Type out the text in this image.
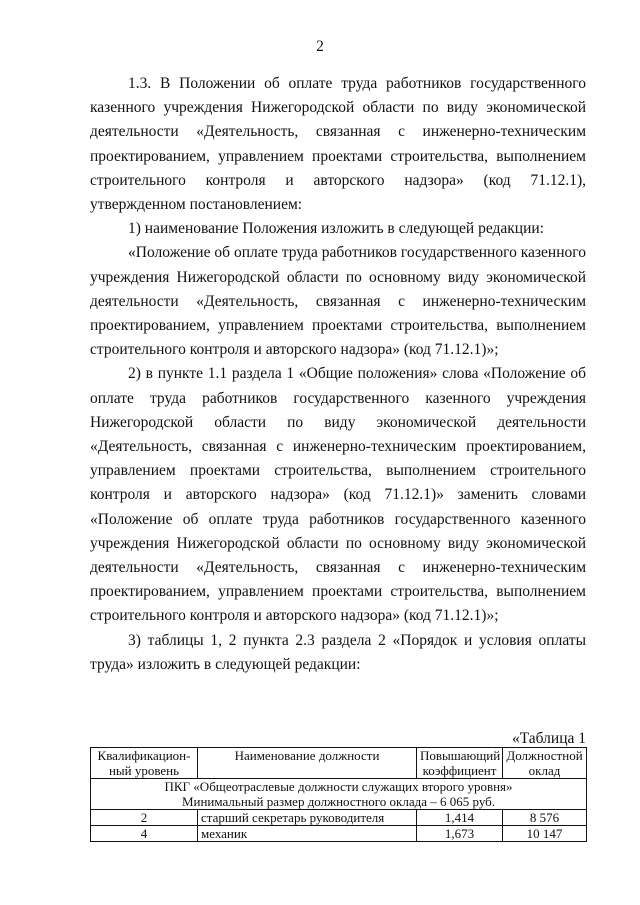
2

1.3. В Положении об оплате труда работников государственного казенного учреждения Нижегородской области по виду экономической деятельности «Деятельность, связанная с инженерно-техническим проектированием, управлением проектами строительства, выполнением строительного контроля и авторского надзора» (код 71.12.1), утвержденном постановлением:

1) наименование Положения изложить в следующей редакции:

«Положение об оплате труда работников государственного казенного учреждения Нижегородской области по основному виду экономической деятельности «Деятельность, связанная с инженерно-техническим проектированием, управлением проектами строительства, выполнением строительного контроля и авторского надзора» (код 71.12.1)»;

2) в пункте 1.1 раздела 1 «Общие положения» слова «Положение об оплате труда работников государственного казенного учреждения Нижегородской области по виду экономической деятельности «Деятельность, связанная с инженерно-техническим проектированием, управлением проектами строительства, выполнением строительного контроля и авторского надзора» (код 71.12.1)» заменить словами «Положение об оплате труда работников государственного казенного учреждения Нижегородской области по основному виду экономической деятельности «Деятельность, связанная с инженерно-техническим проектированием, управлением проектами строительства, выполнением строительного контроля и авторского надзора» (код 71.12.1)»;

3) таблицы 1, 2 пункта 2.3 раздела 2 «Порядок и условия оплаты труда» изложить в следующей редакции:

«Таблица 1
Квалификацион-ный уровень	Наименование должности	Повышающий коэффициент	Должностной оклад

ПКГ «Общеотраслевые должности служащих второго уровня»
Минимальный размер должностного оклада – 6 065 руб.			

2	старший секретарь руководителя	1,414	8 576
4	механик	1,673	10 147
